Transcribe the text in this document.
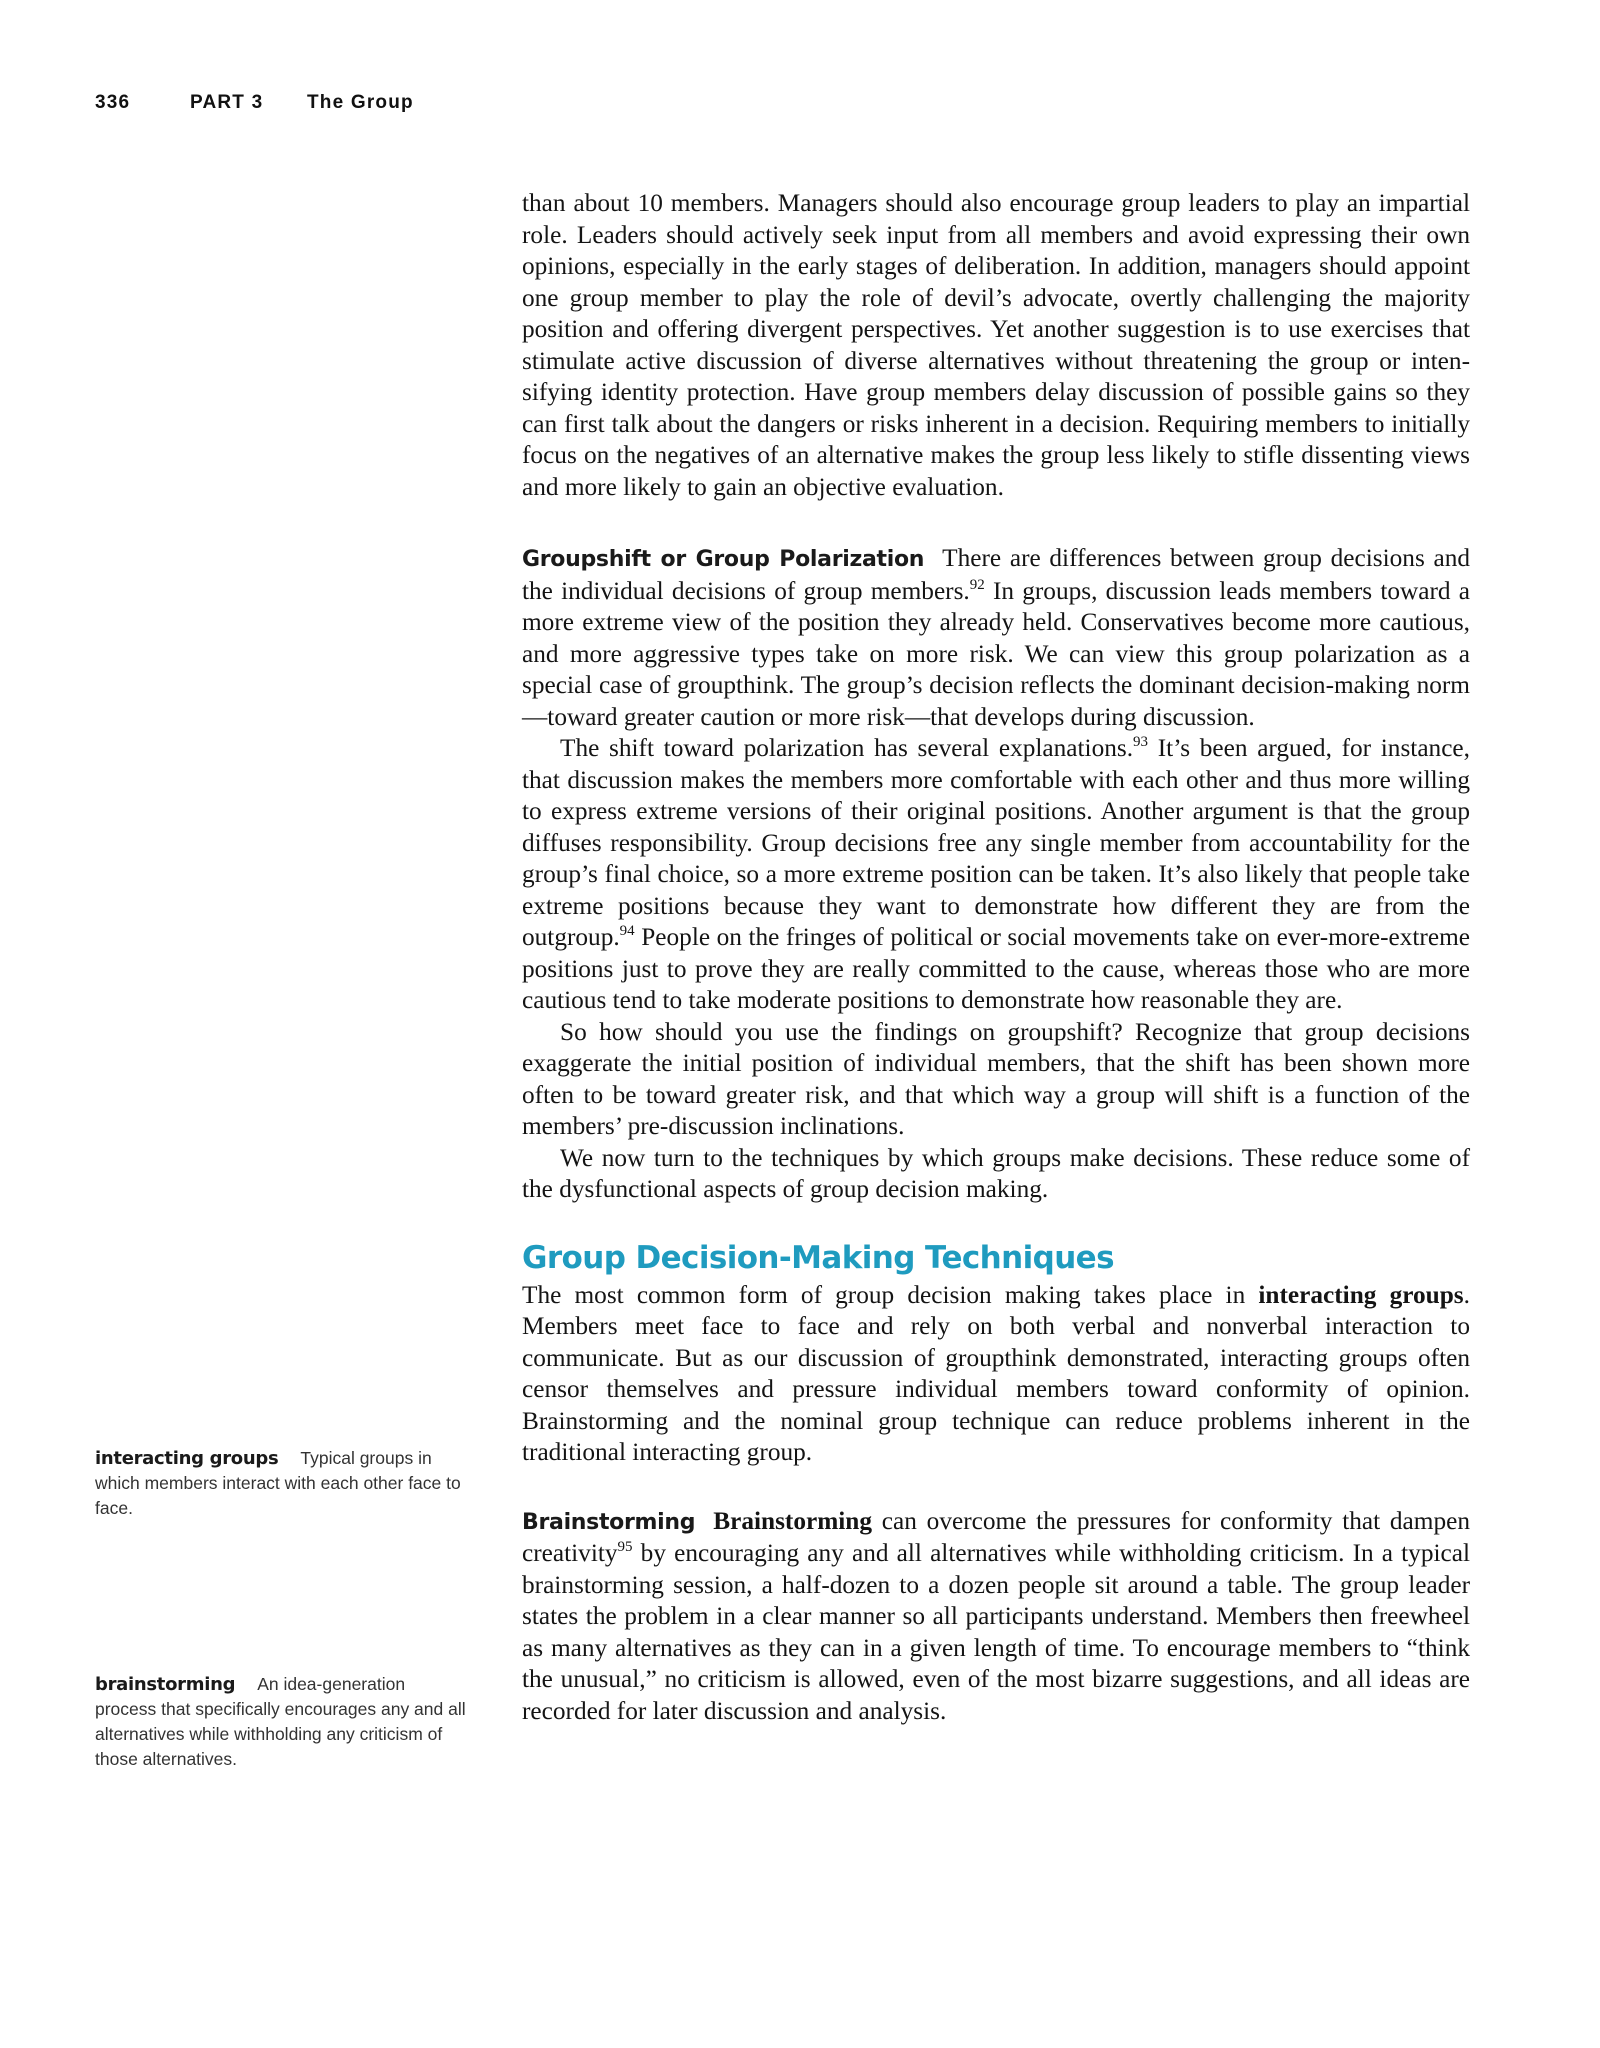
336	PART 3 The Group

than about 10 members. Managers should also encourage group leaders to play an impartial role. Leaders should actively seek input from all members and avoid expressing their own opinions, especially in the early stages of deliberation. In addition, managers should appoint one group member to play the role of devil’s advocate, overtly challenging the majority position and offering divergent perspectives. Yet another suggestion is to use exercises that stimulate active discussion of diverse alternatives without threatening the group or intensifying identity protection. Have group members delay discussion of possible gains so they can first talk about the dangers or risks inherent in a decision. Requiring members to initially focus on the negatives of an alternative makes the group less likely to stifle dissenting views and more likely to gain an objective evaluation.

Groupshift or Group Polarization There are differences between group decisions and the individual decisions of group members.$^{92}$ In groups, discussion leads members toward a more extreme view of the position they already held. Conservatives become more cautious, and more aggressive types take on more risk. We can view this group polarization as a special case of groupthink. The group’s decision reflects the dominant decision-making norm—toward greater caution or more risk—that develops during discussion.

The shift toward polarization has several explanations.$^{93}$ It’s been argued, for instance, that discussion makes the members more comfortable with each other and thus more willing to express extreme versions of their original positions. Another argument is that the group diffuses responsibility. Group decisions free any single member from accountability for the group’s final choice, so a more extreme position can be taken. It’s also likely that people take extreme positions because they want to demonstrate how different they are from the outgroup.$^{94}$ People on the fringes of political or social movements take on ever-more-extreme positions just to prove they are really committed to the cause, whereas those who are more cautious tend to take moderate positions to demonstrate how reasonable they are.

So how should you use the findings on groupshift? Recognize that group decisions exaggerate the initial position of individual members, that the shift has been shown more often to be toward greater risk, and that which way a group will shift is a function of the members’ pre-discussion inclinations.

We now turn to the techniques by which groups make decisions. These reduce some of the dysfunctional aspects of group decision making.

Group Decision-Making Techniques

The most common form of group decision making takes place in interacting groups. Members meet face to face and rely on both verbal and nonverbal interaction to communicate. But as our discussion of groupthink demonstrated, interacting groups often censor themselves and pressure individual members toward conformity of opinion. Brainstorming and the nominal group technique can reduce problems inherent in the traditional interacting group.

Brainstorming Brainstorming can overcome the pressures for conformity that dampen creativity$^{95}$ by encouraging any and all alternatives while withholding criticism. In a typical brainstorming session, a half-dozen to a dozen people sit around a table. The group leader states the problem in a clear manner so all participants understand. Members then freewheel as many alternatives as they can in a given length of time. To encourage members to “think the unusual,” no criticism is allowed, even of the most bizarre suggestions, and all ideas are recorded for later discussion and analysis.

interacting groups Typical groups in which members interact with each other face to face.
brainstorming An idea-generation process that specifically encourages any and all alternatives while withholding any criticism of those alternatives.
